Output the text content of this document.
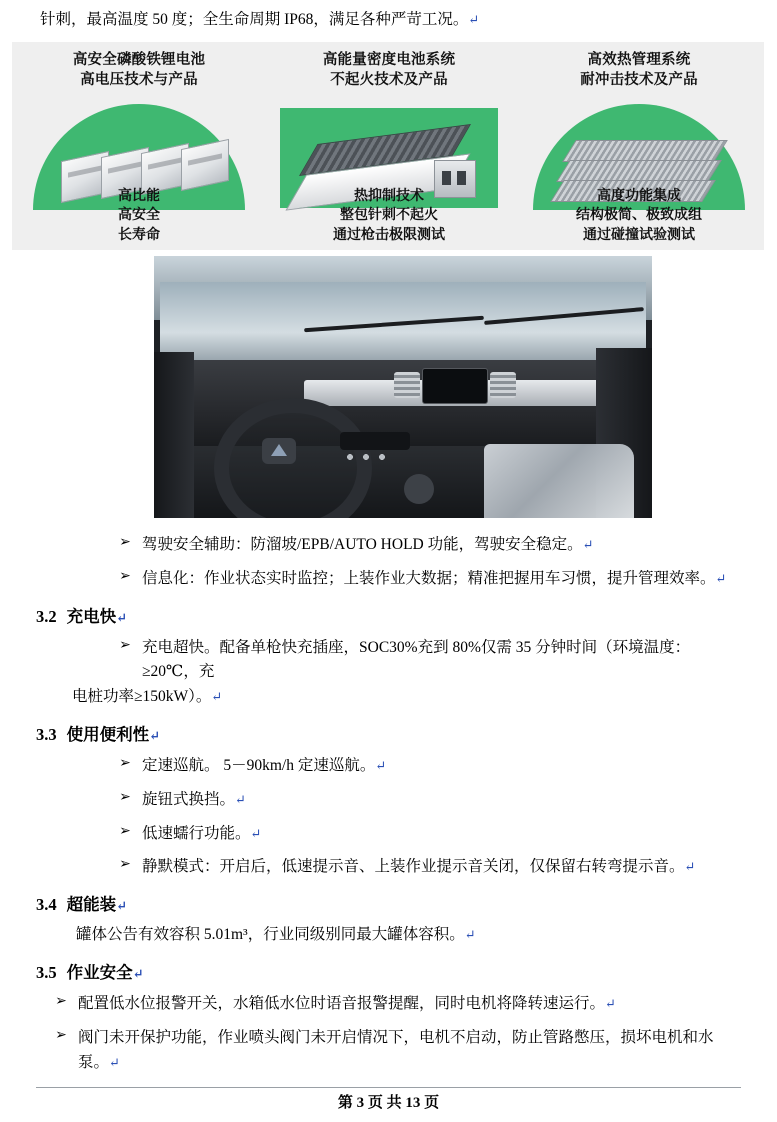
针刺，最高温度 50 度；全生命周期 IP68，满足各种严苛工况。↵
高安全磷酸铁锂电池
高电压技术与产品
高比能
高安全
长寿命
高能量密度电池系统
不起火技术及产品
热抑制技术
整包针刺不起火
通过枪击极限测试
高效热管理系统
耐冲击技术及产品
高度功能集成
结构极简、极致成组
通过碰撞试验测试
➢ 驾驶安全辅助：防溜坡/EPB/AUTO HOLD 功能，驾驶安全稳定。↵
➢ 信息化：作业状态实时监控；上装作业大数据；精准把握用车习惯，提升管理效率。↵
3.2 充电快↵
➢ 充电超快。配备单枪快充插座，SOC30%充到 80%仅需 35 分钟时间（环境温度：≥20℃，充
电桩功率≥150kW）。↵
3.3 使用便利性↵
➢ 定速巡航。 5－90km/h 定速巡航。↵
➢ 旋钮式换挡。↵
➢ 低速蠕行功能。↵
➢ 静默模式：开启后，低速提示音、上装作业提示音关闭，仅保留右转弯提示音。↵
3.4 超能装↵
罐体公告有效容积 5.01m³，行业同级别同最大罐体容积。↵
3.5 作业安全↵
➢ 配置低水位报警开关，水箱低水位时语音报警提醒，同时电机将降转速运行。↵
➢ 阀门未开保护功能，作业喷头阀门未开启情况下，电机不启动，防止管路憋压，损坏电机和水泵。↵
第 3 页 共 13 页
